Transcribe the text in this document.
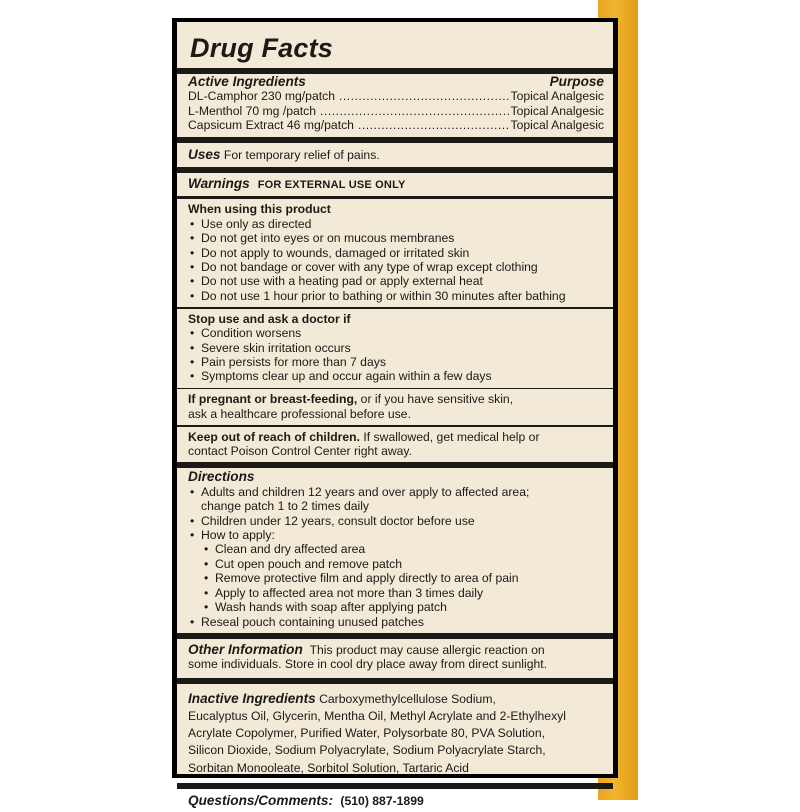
Drug Facts
Active Ingredients	Purpose
DL-Camphor 230 mg/patch .....	Topical Analgesic
L-Menthol 70 mg /patch .....	Topical Analgesic
Capsicum Extract 46 mg/patch .....	Topical Analgesic
Uses For temporary relief of pains.
Warnings FOR EXTERNAL USE ONLY
When using this product
• Use only as directed
• Do not get into eyes or on mucous membranes
• Do not apply to wounds, damaged or irritated skin
• Do not bandage or cover with any type of wrap except clothing
• Do not use with a heating pad or apply external heat
• Do not use 1 hour prior to bathing or within 30 minutes after bathing
Stop use and ask a doctor if
• Condition worsens
• Severe skin irritation occurs
• Pain persists for more than 7 days
• Symptoms clear up and occur again within a few days
If pregnant or breast-feeding, or if you have sensitive skin,
ask a healthcare professional before use.
Keep out of reach of children. If swallowed, get medical help or
contact Poison Control Center right away.
Directions
• Adults and children 12 years and over apply to affected area;
change patch 1 to 2 times daily
• Children under 12 years, consult doctor before use
• How to apply:
• Clean and dry affected area
• Cut open pouch and remove patch
• Remove protective film and apply directly to area of pain
• Apply to affected area not more than 3 times daily
• Wash hands with soap after applying patch
• Reseal pouch containing unused patches
Other Information This product may cause allergic reaction on
some individuals. Store in cool dry place away from direct sunlight.
Inactive Ingredients Carboxymethylcellulose Sodium,
Eucalyptus Oil, Glycerin, Mentha Oil, Methyl Acrylate and 2-Ethylhexyl
Acrylate Copolymer, Purified Water, Polysorbate 80, PVA Solution,
Silicon Dioxide, Sodium Polyacrylate, Sodium Polyacrylate Starch,
Sorbitan Monooleate, Sorbitol Solution, Tartaric Acid
Questions/Comments: (510) 887-1899
